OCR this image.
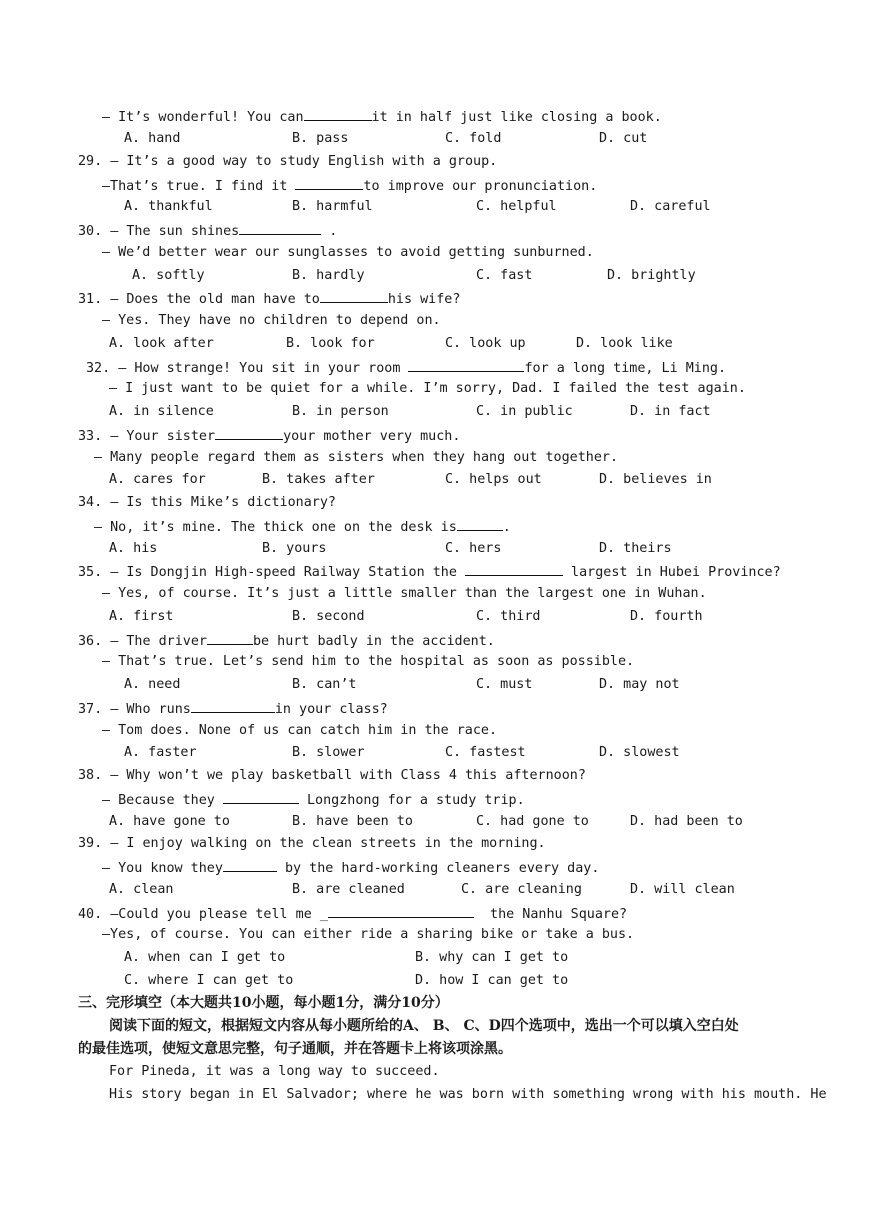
— It’s wonderful! You can	it in half just like closing a book.
A. hand	B. pass	C. fold	D. cut
29. — It’s a good way to study English with a group.
—That’s true. I find it	to improve our pronunciation.
A. thankful	B. harmful	C. helpful	D. careful
30. — The sun shines	.
— We’d better wear our sunglasses to avoid getting sunburned.
A. softly	B. hardly	C. fast	D. brightly
31. — Does the old man have to	his wife?
— Yes. They have no children to depend on.
A. look after	B. look for	C. look up	D. look like
32. — How strange! You sit in your room	for a long time, Li Ming.
— I just want to be quiet for a while. I’m sorry, Dad. I failed the test again.
A. in silence	B. in person	C. in public	D. in fact
33. — Your sister	your mother very much.
— Many people regard them as sisters when they hang out together.
A. cares for	B. takes after	C. helps out	D. believes in
34. — Is this Mike’s dictionary?
— No, it’s mine. The thick one on the desk is	.
A. his	B. yours	C. hers	D. theirs
35. — Is Dongjin High-speed Railway Station the	largest in Hubei Province?
— Yes, of course. It’s just a little smaller than the largest one in Wuhan.
A. first	B. second	C. third	D. fourth
36. — The driver	be hurt badly in the accident.
— That’s true. Let’s send him to the hospital as soon as possible.
A. need	B. can’t	C. must	D. may not
37. — Who runs	in your class?
— Tom does. None of us can catch him in the race.
A. faster	B. slower	C. fastest	D. slowest
38. — Why won’t we play basketball with Class 4 this afternoon?
— Because they	Longzhong for a study trip.
A. have gone to	B. have been to	C. had gone to	D. had been to
39. — I enjoy walking on the clean streets in the morning.
— You know they	by the hard-working cleaners every day.
A. clean	B. are cleaned	C. are cleaning	D. will clean
40. —Could you please tell me _	the Nanhu Square?
—Yes, of course. You can either ride a sharing bike or take a bus.
A. when can I get to	B. why can I get to
C. where I can get to	D. how I can get to
三、完形填空（本大题共10小题，每小题1分，满分10分）
阅读下面的短文，根据短文内容从每小题所给的A、 B、 C、D四个选项中，选出一个可以填入空白处
的最佳选项，使短文意思完整，句子通顺，并在答题卡上将该项涂黑。
For Pineda, it was a long way to succeed.
His story began in El Salvador; where he was born with something wrong with his mouth. He
